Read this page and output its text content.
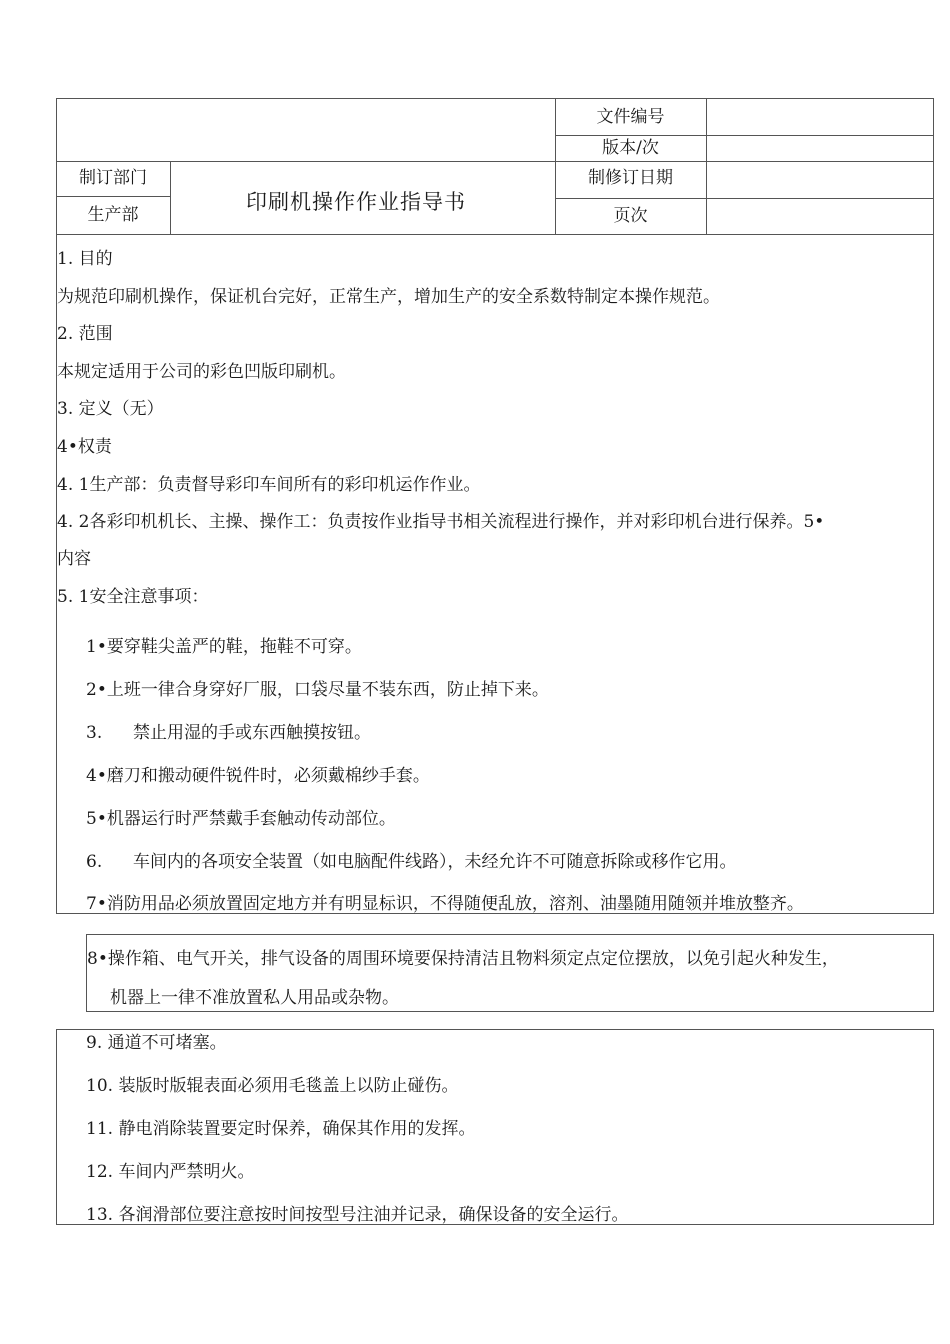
文件编号
版本/次
制订部门
生产部
印刷机操作作业指导书
制修订日期
页次
1. 目的
为规范印刷机操作，保证机台完好，正常生产，增加生产的安全系数特制定本操作规范。
2. 范围
本规定适用于公司的彩色凹版印刷机。
3. 定义（无）
4•权责
4. 1生产部：负责督导彩印车间所有的彩印机运作作业。
4. 2各彩印机机长、主操、操作工：负责按作业指导书相关流程进行操作，并对彩印机台进行保养。5•
内容
5. 1安全注意事项：
1•要穿鞋尖盖严的鞋，拖鞋不可穿。
2•上班一律合身穿好厂服，口袋尽量不装东西，防止掉下来。
3. 禁止用湿的手或东西触摸按钮。
4•磨刀和搬动硬件锐件时，必须戴棉纱手套。
5•机器运行时严禁戴手套触动传动部位。
6. 车间内的各项安全装置（如电脑配件线路），未经允许不可随意拆除或移作它用。
7•消防用品必须放置固定地方并有明显标识，不得随便乱放，溶剂、油墨随用随领并堆放整齐。
8•操作箱、电气开关，排气设备的周围环境要保持清洁且物料须定点定位摆放，以免引起火种发生，
机器上一律不准放置私人用品或杂物。
9. 通道不可堵塞。
10. 装版时版辊表面必须用毛毯盖上以防止碰伤。
11. 静电消除装置要定时保养，确保其作用的发挥。
12. 车间内严禁明火。
13. 各润滑部位要注意按时间按型号注油并记录，确保设备的安全运行。
